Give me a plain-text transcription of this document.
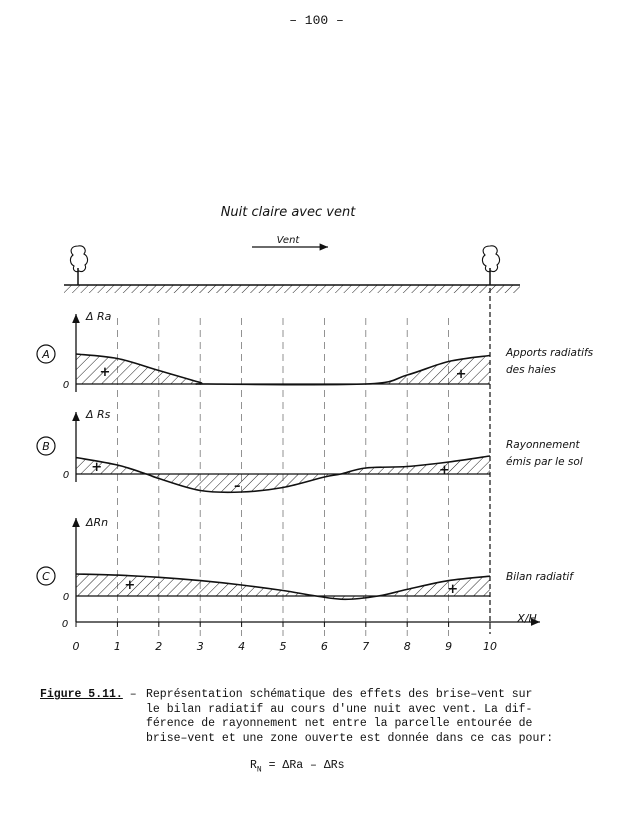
– 100 –
Nuit claire avec vent
Vent
Δ Ra
0
A	Apports radiatifs
des haies
+	+
Δ Rs
0
B	Rayonnement
émis par le sol
+
–
+
ΔRn
0
C	Bilan radiatif
+	+
0	X/H
0	1	2	3	4	5	6	7	8	9	10
Figure 5.11. – Représentation schématique des effets des brise–vent sur
le bilan radiatif au cours d'une nuit avec vent. La dif-
férence de rayonnement net entre la parcelle entourée de
brise–vent et une zone ouverte est donnée dans ce cas pour:
$R_N = \Delta Ra - \Delta Rs$
